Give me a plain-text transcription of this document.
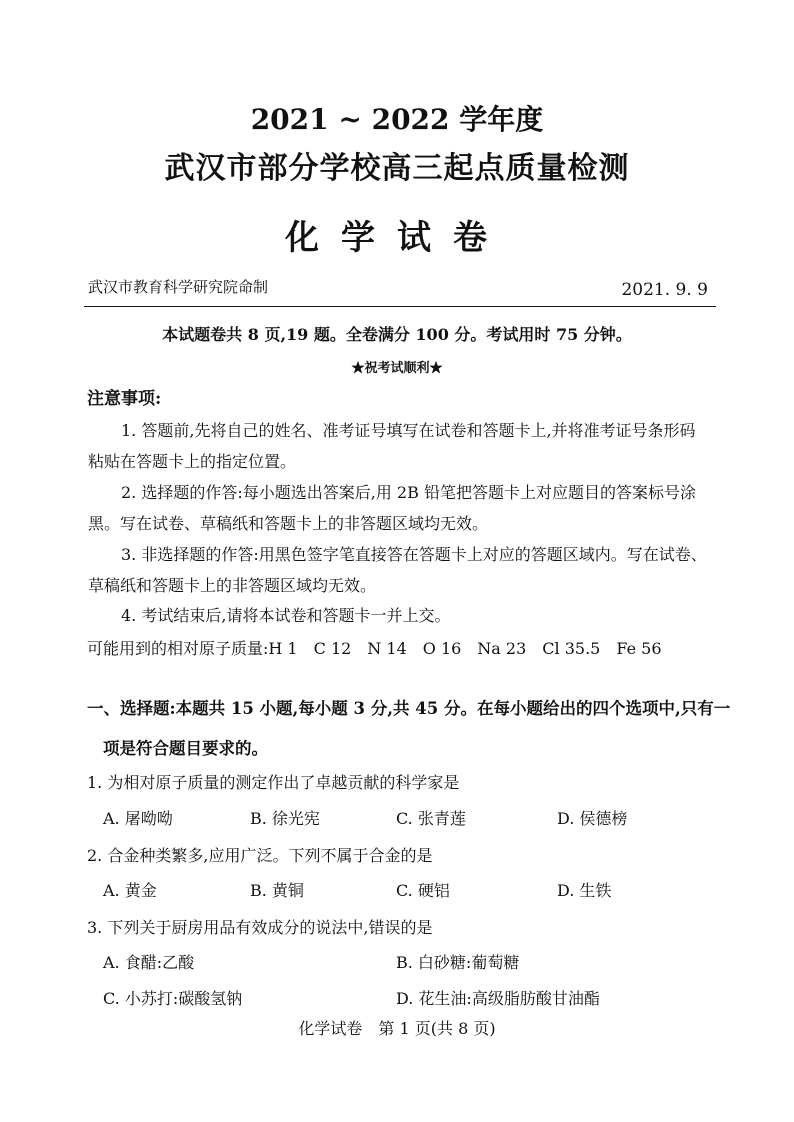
2021 ~ 2022 学年度
武汉市部分学校高三起点质量检测
化学试卷
武汉市教育科学研究院命制	2021. 9. 9
本试题卷共 8 页,19 题。全卷满分 100 分。考试用时 75 分钟。
★祝考试顺利★
注意事项:
1. 答题前,先将自己的姓名、准考证号填写在试卷和答题卡上,并将准考证号条形码
粘贴在答题卡上的指定位置。
2. 选择题的作答:每小题选出答案后,用 2B 铅笔把答题卡上对应题目的答案标号涂
黑。写在试卷、草稿纸和答题卡上的非答题区域均无效。
3. 非选择题的作答:用黑色签字笔直接答在答题卡上对应的答题区域内。写在试卷、
草稿纸和答题卡上的非答题区域均无效。
4. 考试结束后,请将本试卷和答题卡一并上交。
可能用到的相对原子质量:H 1　C 12　N 14　O 16　Na 23　Cl 35.5　Fe 56
一、选择题:本题共 15 小题,每小题 3 分,共 45 分。在每小题给出的四个选项中,只有一
项是符合题目要求的。
1. 为相对原子质量的测定作出了卓越贡献的科学家是
A. 屠呦呦	B. 徐光宪	C. 张青莲	D. 侯德榜
2. 合金种类繁多,应用广泛。下列不属于合金的是
A. 黄金	B. 黄铜	C. 硬铝	D. 生铁
3. 下列关于厨房用品有效成分的说法中,错误的是
A. 食醋:乙酸	B. 白砂糖:葡萄糖
C. 小苏打:碳酸氢钠	D. 花生油:高级脂肪酸甘油酯
化学试卷　第 1 页(共 8 页)
